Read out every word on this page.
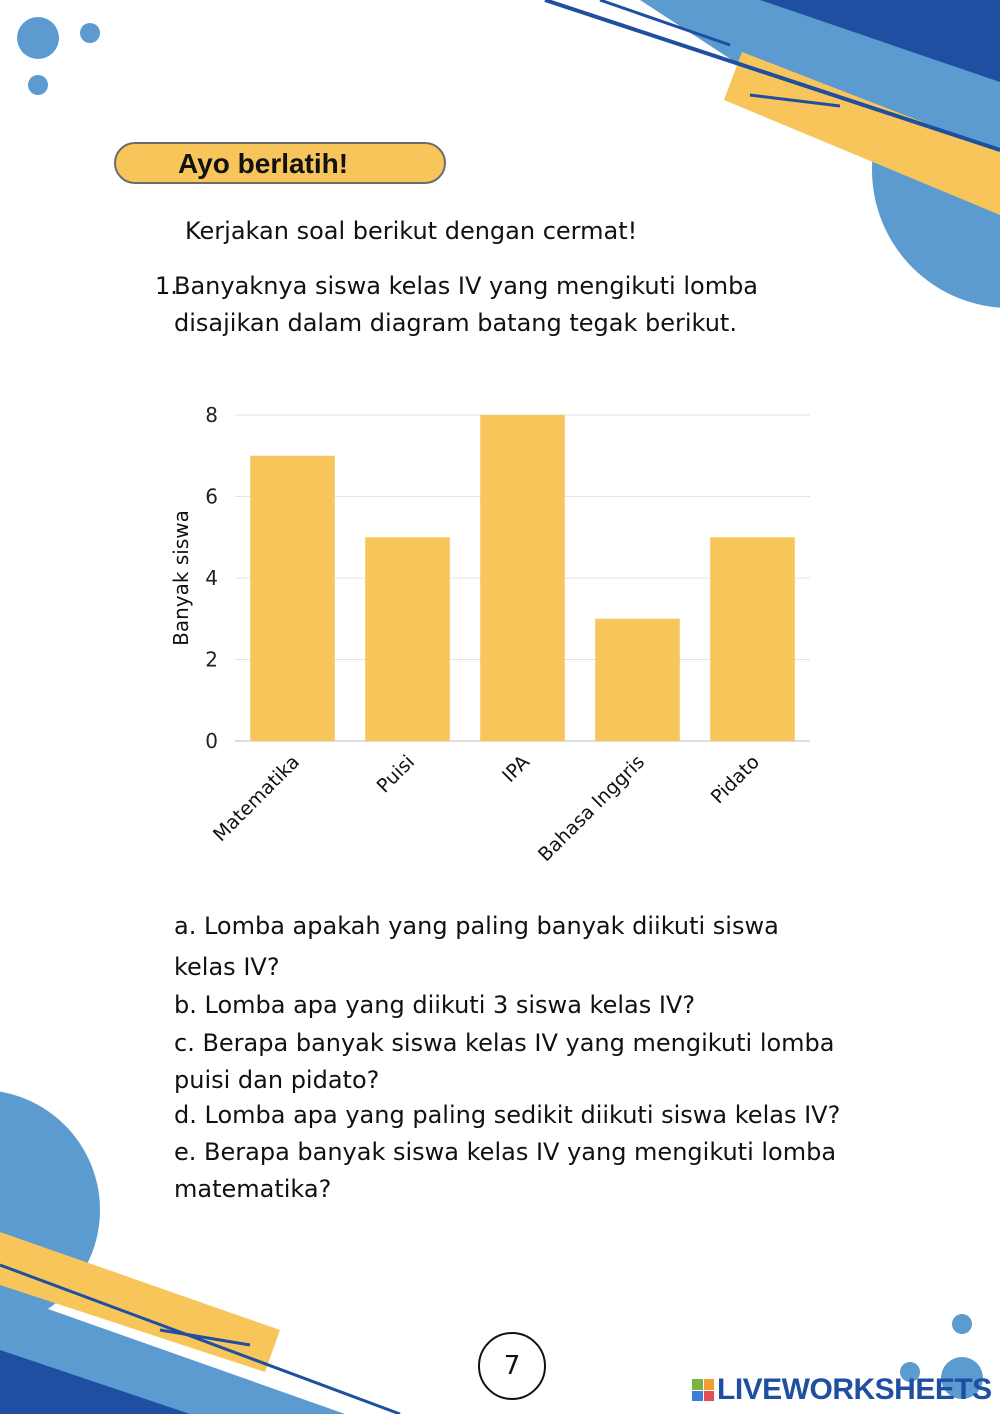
Ayo berlatih!
Kerjakan soal berikut dengan cermat!
1.
Banyaknya siswa kelas IV yang mengikuti lomba
disajikan dalam diagram batang tegak berikut.
0
2
4
6
8
Banyak siswa
Matematika	Puisi	IPA Bahasa Inggris	Pidato
a. Lomba apakah yang paling banyak diikuti siswa
kelas IV?
b. Lomba apa yang diikuti 3 siswa kelas IV?
c. Berapa banyak siswa kelas IV yang mengikuti lomba
puisi dan pidato?
d. Lomba apa yang paling sedikit diikuti siswa kelas IV?
e. Berapa banyak siswa kelas IV yang mengikuti lomba
matematika?
7
LIVEWORKSHEETS
